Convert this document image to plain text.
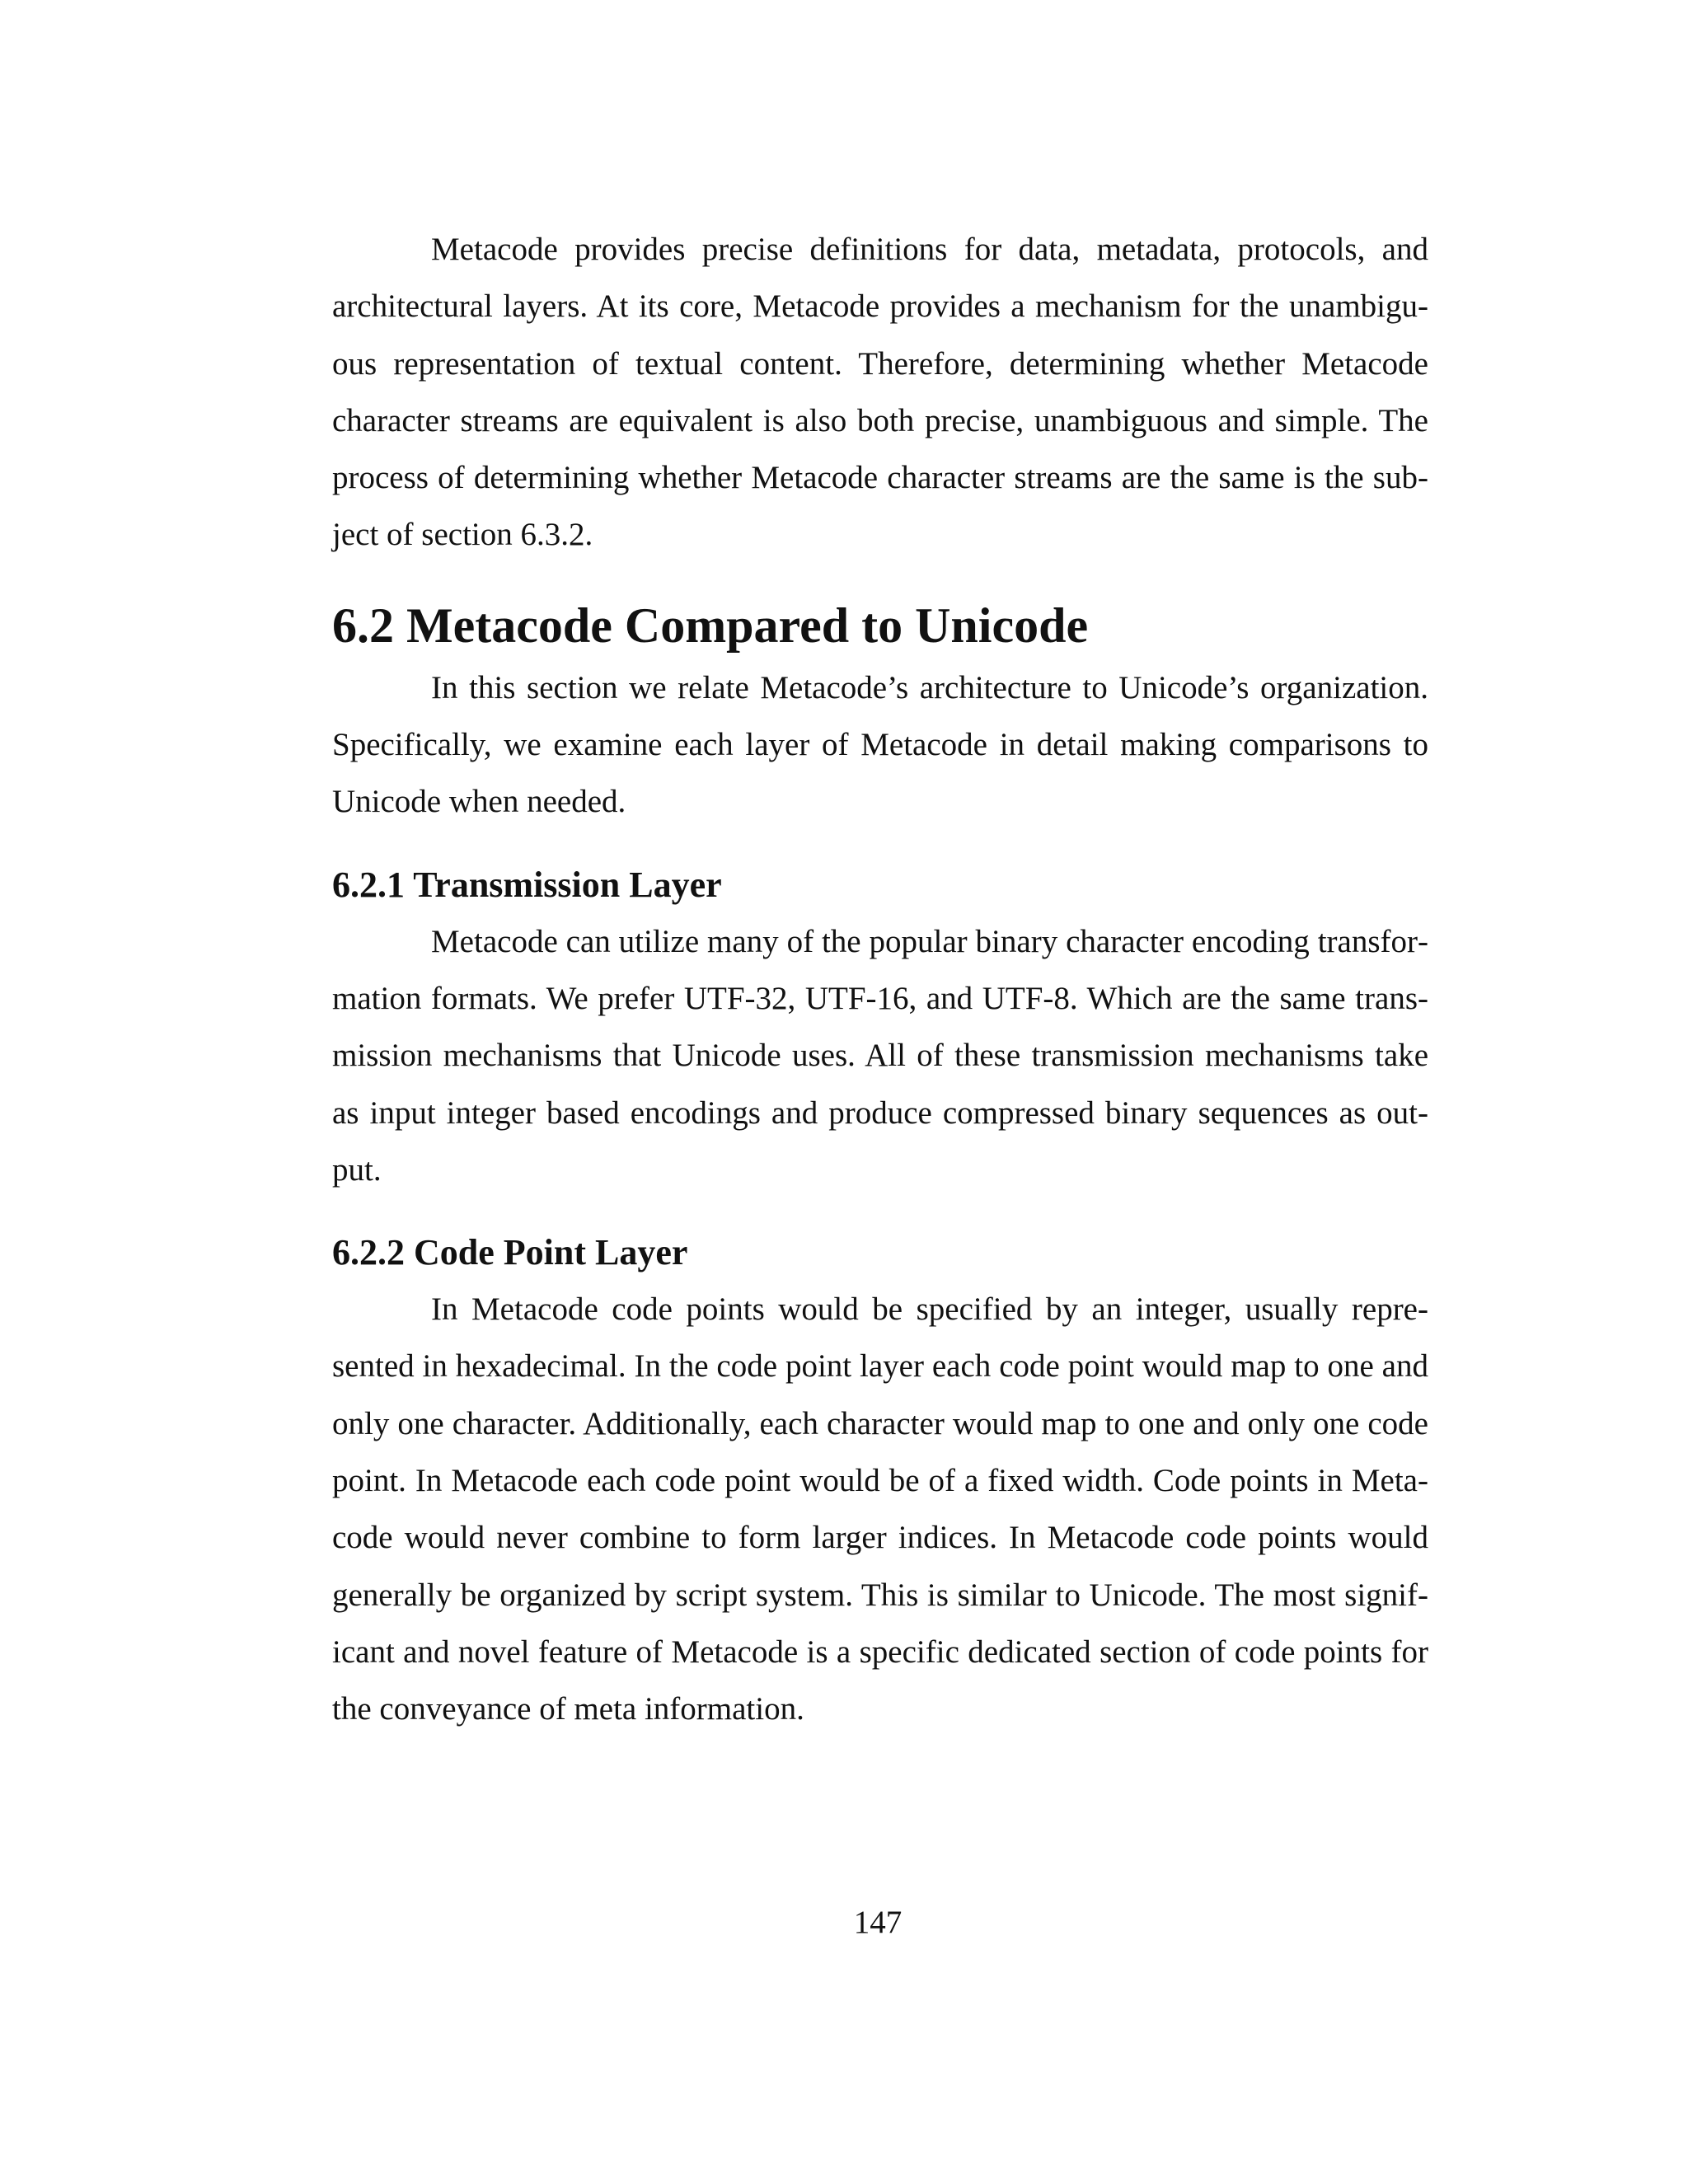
Metacode provides precise definitions for data, metadata, protocols, and architectural layers. At its core, Metacode provides a mechanism for the unambiguous representation of textual content. Therefore, determining whether Metacode character streams are equivalent is also both precise, unambiguous and simple. The process of determining whether Metacode character streams are the same is the subject of section 6.3.2.

6.2 Metacode Compared to Unicode

In this section we relate Metacode’s architecture to Unicode’s organization. Specifically, we examine each layer of Metacode in detail making comparisons to Unicode when needed.

6.2.1 Transmission Layer

Metacode can utilize many of the popular binary character encoding transformation formats. We prefer UTF-32, UTF-16, and UTF-8. Which are the same transmission mechanisms that Unicode uses. All of these transmission mechanisms take as input integer based encodings and produce compressed binary sequences as output.

6.2.2 Code Point Layer

In Metacode code points would be specified by an integer, usually represented in hexadecimal. In the code point layer each code point would map to one and only one character. Additionally, each character would map to one and only one code point. In Metacode each code point would be of a fixed width. Code points in Metacode would never combine to form larger indices. In Metacode code points would generally be organized by script system. This is similar to Unicode. The most significant and novel feature of Metacode is a specific dedicated section of code points for the conveyance of meta information.

147
